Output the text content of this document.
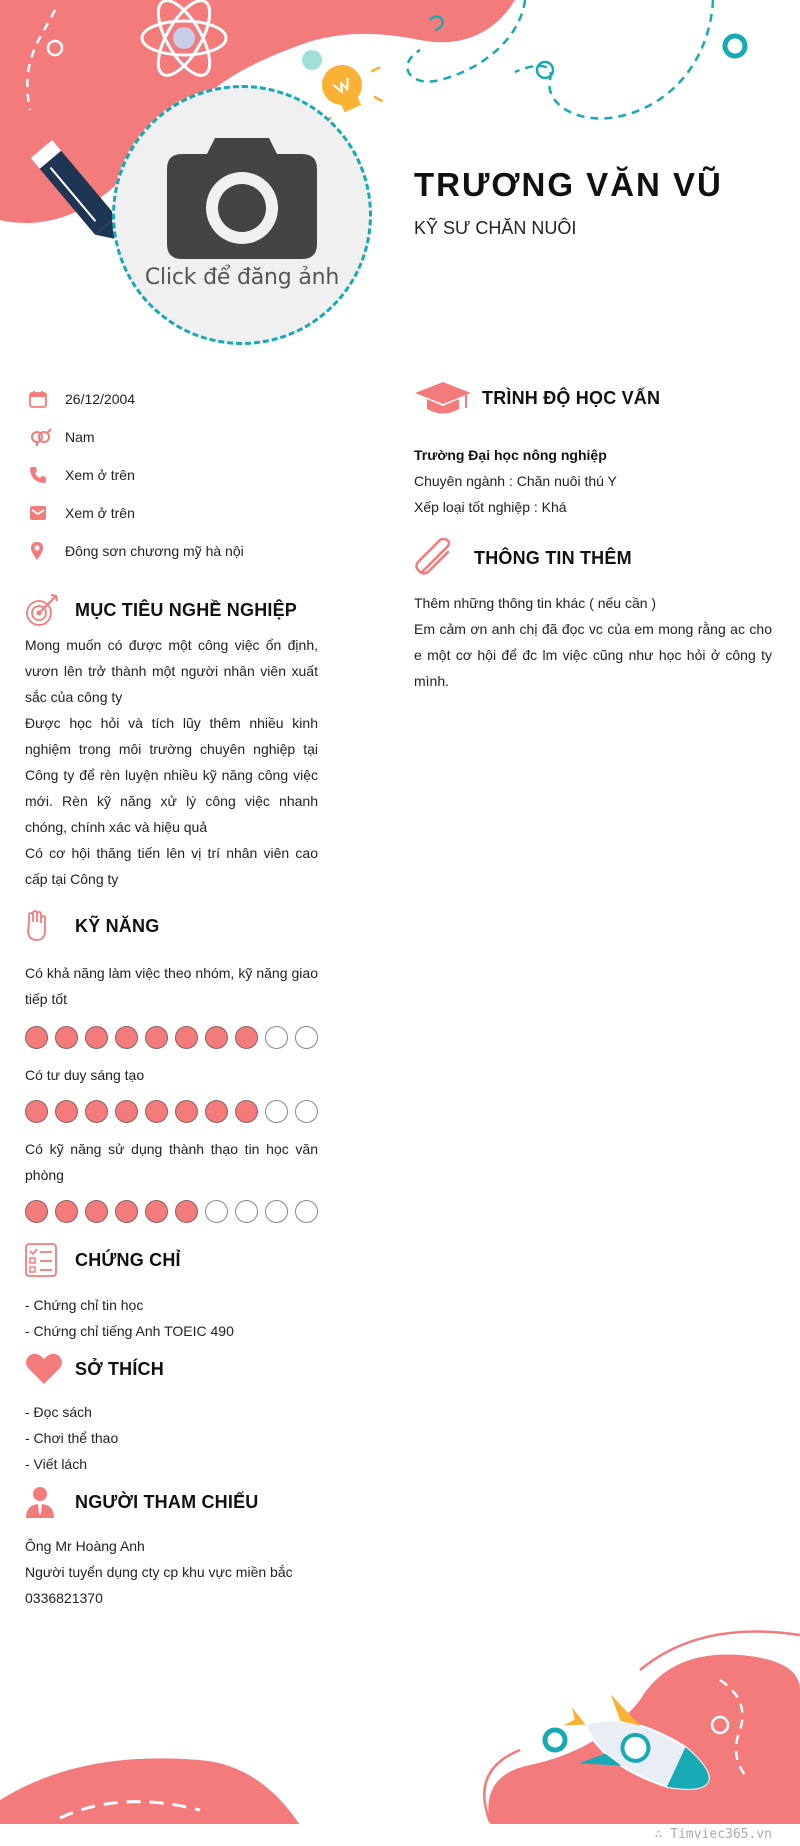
Click để đăng ảnh
TRƯƠNG VĂN VŨ
KỸ SƯ CHĂN NUÔI
26/12/2004
Nam
Xem ở trên
Xem ở trên
Đông sơn chương mỹ hà nội
MỤC TIÊU NGHỀ NGHIỆP

Mong muốn có được một công việc ổn định, vươn lên trở thành một người nhân viên xuất sắc của công ty

Được học hỏi và tích lũy thêm nhiều kinh nghiệm trong môi trường chuyên nghiệp tại Công ty để rèn luyện nhiều kỹ năng công việc mới. Rèn kỹ năng xử lý công việc nhanh chóng, chính xác và hiệu quả

Có cơ hội thăng tiến lên vị trí nhân viên cao cấp tại Công ty

KỸ NĂNG
Có khả năng làm việc theo nhóm, kỹ năng giao tiếp tốt
Có tư duy sáng tạo
Có kỹ năng sử dụng thành thạo tin học văn phòng
CHỨNG CHỈ

- Chứng chỉ tin học

- Chứng chỉ tiếng Anh TOEIC 490

SỞ THÍCH

- Đọc sách

- Chơi thể thao

- Viết lách

NGƯỜI THAM CHIẾU

Ông Mr Hoàng Anh

Người tuyển dụng cty cp khu vực miền bắc

0336821370

TRÌNH ĐỘ HỌC VẤN
Trường Đại học nông nghiệp
Chuyên ngành : Chăn nuôi thú Y
Xếp loại tốt nghiệp : Khá
THÔNG TIN THÊM

Thêm những thông tin khác ( nếu cần )

Em cảm ơn anh chị đã đọc vc của em mong rằng ac cho e một cơ hội để đc lm việc cũng như học hỏi ở công ty mình.

∴ Timviec365.vn
